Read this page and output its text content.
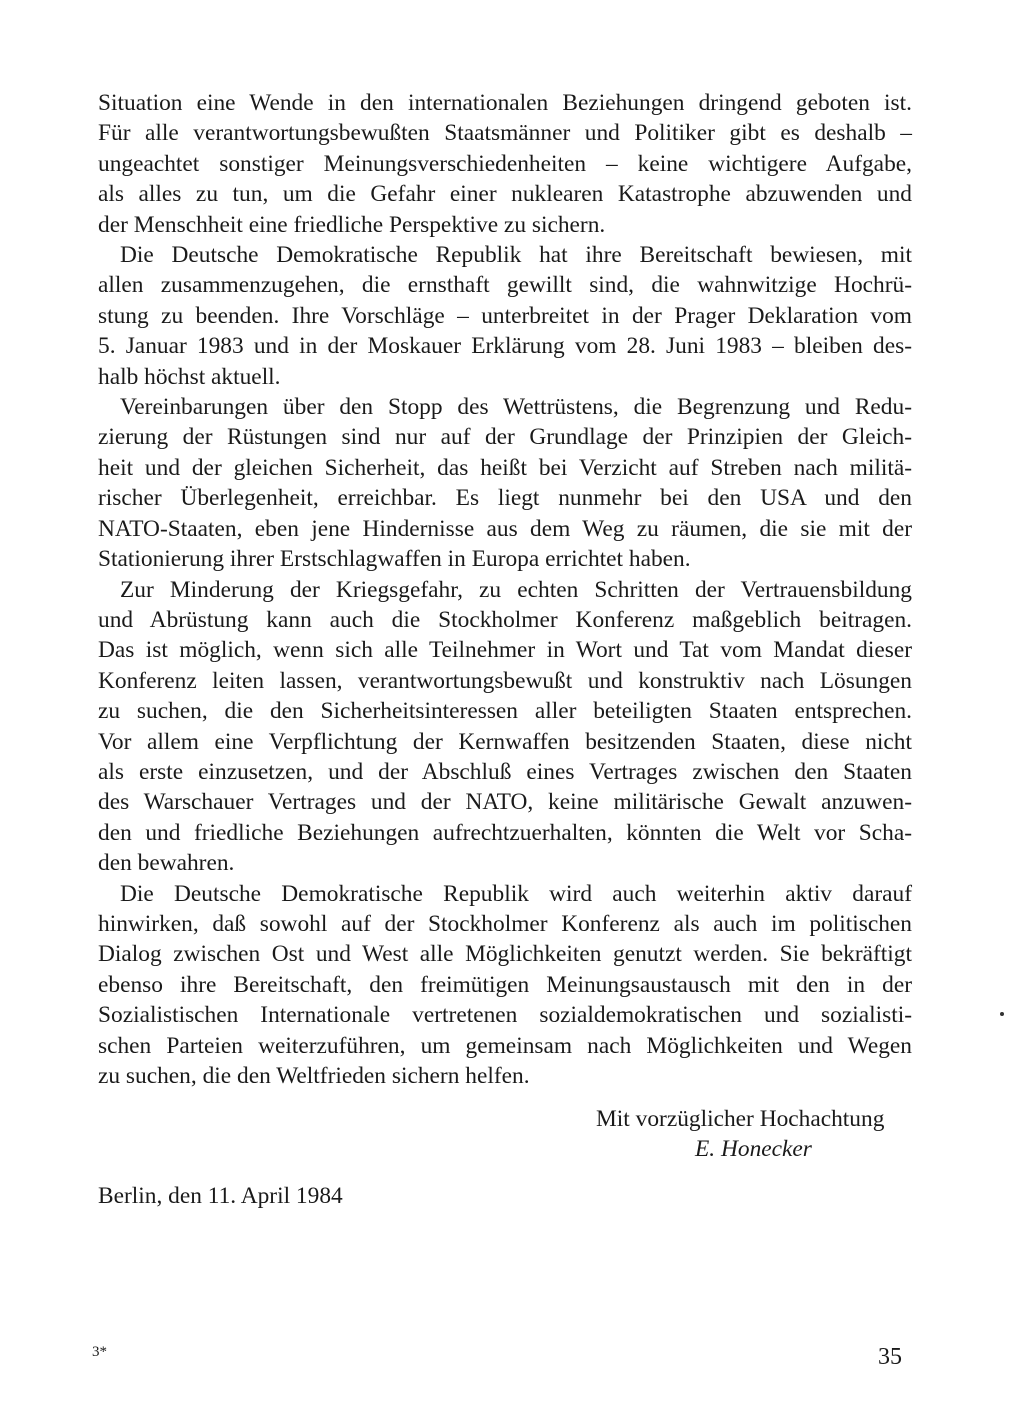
Situation eine Wende in den internationalen Beziehungen dringend geboten ist.
Für alle verantwortungsbewußten Staatsmänner und Politiker gibt es deshalb –
ungeachtet sonstiger Meinungsverschiedenheiten – keine wichtigere Aufgabe,
als alles zu tun, um die Gefahr einer nuklearen Katastrophe abzuwenden und
der Menschheit eine friedliche Perspektive zu sichern.
Die Deutsche Demokratische Republik hat ihre Bereitschaft bewiesen, mit
allen zusammenzugehen, die ernsthaft gewillt sind, die wahnwitzige Hochrü-
stung zu beenden. Ihre Vorschläge – unterbreitet in der Prager Deklaration vom
5. Januar 1983 und in der Moskauer Erklärung vom 28. Juni 1983 – bleiben des-
halb höchst aktuell.
Vereinbarungen über den Stopp des Wettrüstens, die Begrenzung und Redu-
zierung der Rüstungen sind nur auf der Grundlage der Prinzipien der Gleich-
heit und der gleichen Sicherheit, das heißt bei Verzicht auf Streben nach militä-
rischer Überlegenheit, erreichbar. Es liegt nunmehr bei den USA und den
NATO-Staaten, eben jene Hindernisse aus dem Weg zu räumen, die sie mit der
Stationierung ihrer Erstschlagwaffen in Europa errichtet haben.
Zur Minderung der Kriegsgefahr, zu echten Schritten der Vertrauensbildung
und Abrüstung kann auch die Stockholmer Konferenz maßgeblich beitragen.
Das ist möglich, wenn sich alle Teilnehmer in Wort und Tat vom Mandat dieser
Konferenz leiten lassen, verantwortungsbewußt und konstruktiv nach Lösungen
zu suchen, die den Sicherheitsinteressen aller beteiligten Staaten entsprechen.
Vor allem eine Verpflichtung der Kernwaffen besitzenden Staaten, diese nicht
als erste einzusetzen, und der Abschluß eines Vertrages zwischen den Staaten
des Warschauer Vertrages und der NATO, keine militärische Gewalt anzuwen-
den und friedliche Beziehungen aufrechtzuerhalten, könnten die Welt vor Scha-
den bewahren.
Die Deutsche Demokratische Republik wird auch weiterhin aktiv darauf
hinwirken, daß sowohl auf der Stockholmer Konferenz als auch im politischen
Dialog zwischen Ost und West alle Möglichkeiten genutzt werden. Sie bekräftigt
ebenso ihre Bereitschaft, den freimütigen Meinungsaustausch mit den in der
Sozialistischen Internationale vertretenen sozialdemokratischen und sozialisti-
schen Parteien weiterzuführen, um gemeinsam nach Möglichkeiten und Wegen
zu suchen, die den Weltfrieden sichern helfen.
Mit vorzüglicher Hochachtung
E. Honecker
Berlin, den 11. April 1984
3*	35
